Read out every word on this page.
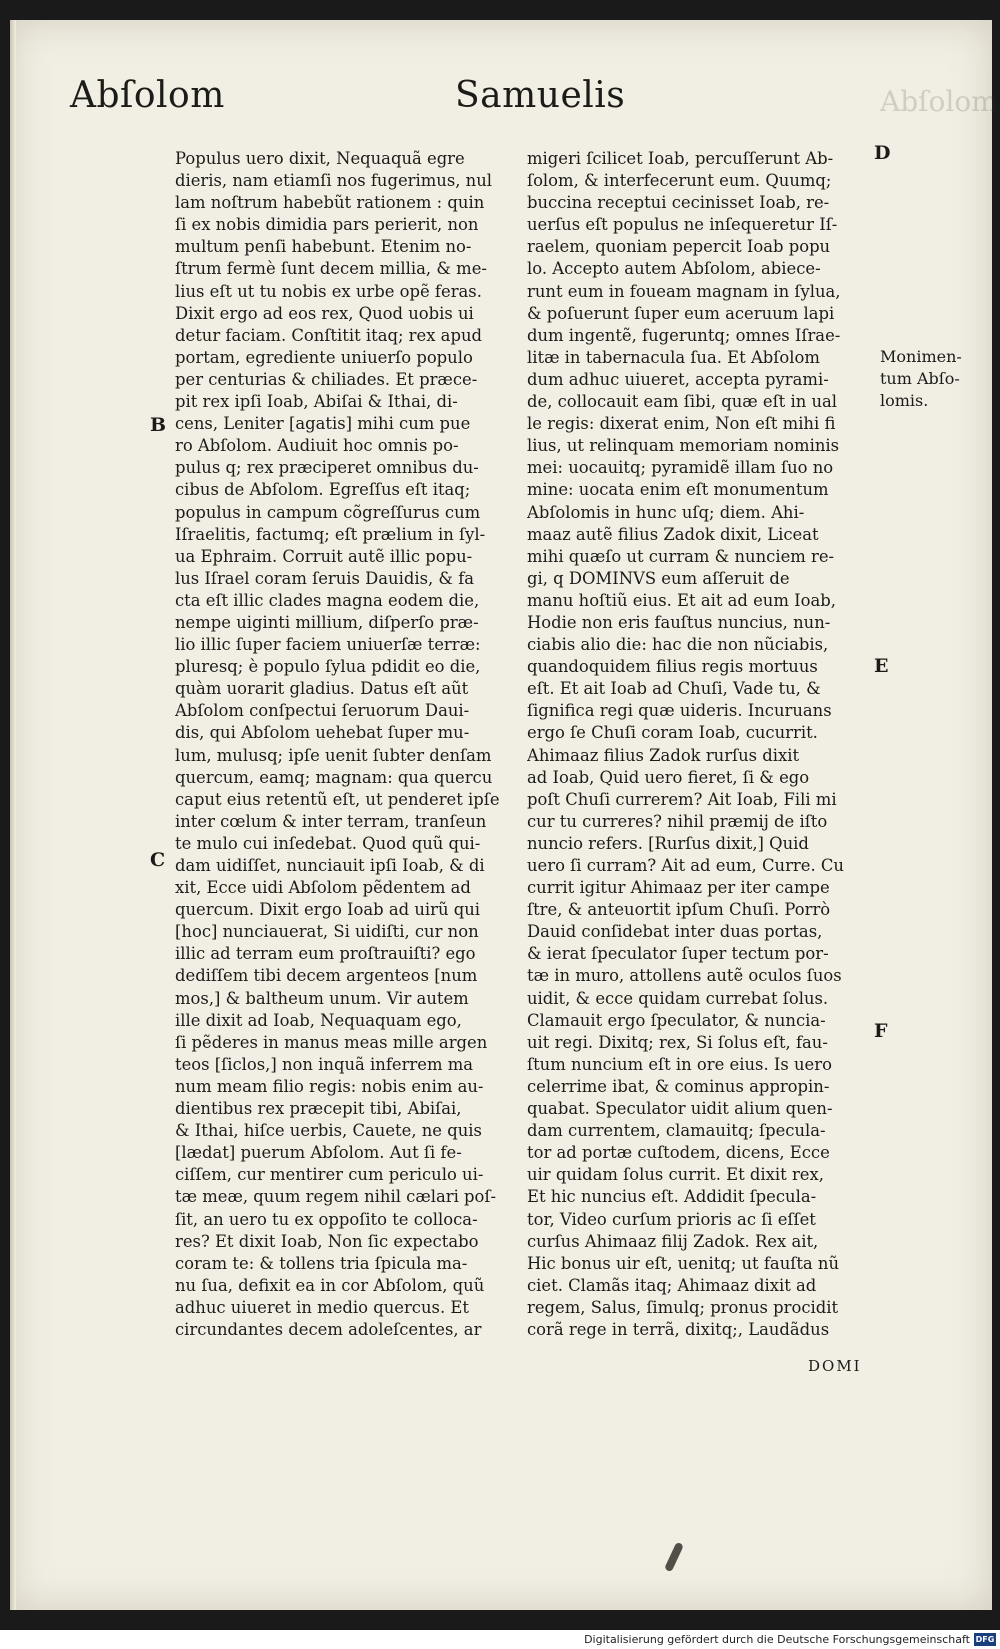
Abſolom	Samuelis	Abſolom
Populus uero dixit, Nequaquã egre
dieris, nam etiamſi nos fugerimus, nul
lam noſtrum habebũt rationem : quin
ſi ex nobis dimidia pars perierit, non
multum penſi habebunt. Etenim no-
ſtrum fermè ſunt decem millia, & me-
lius eſt ut tu nobis ex urbe opẽ feras.
Dixit ergo ad eos rex, Quod uobis ui
detur faciam. Conſtitit itaq; rex apud
portam, egrediente uniuerſo populo
per centurias & chiliades. Et præce-
pit rex ipſi Ioab, Abiſai & Ithai, di-
cens, Leniter [agatis] mihi cum pue
ro Abſolom. Audiuit hoc omnis po-
pulus q; rex præciperet omnibus du-
cibus de Abſolom. Egreſſus eſt itaq;
populus in campum cõgreſſurus cum
Iſraelitis, factumq; eſt prælium in ſyl-
ua Ephraim. Corruit autẽ illic popu-
lus Iſrael coram ſeruis Dauidis, & fa
cta eſt illic clades magna eodem die,
nempe uiginti millium, diſperſo præ-
lio illic ſuper faciem uniuerſæ terræ:
pluresq; è populo ſylua pdidit eo die,
quàm uorarit gladius. Datus eſt aũt
Abſolom conſpectui ſeruorum Daui-
dis, qui Abſolom uehebat ſuper mu-
lum, mulusq; ipſe uenit ſubter denſam
quercum, eamq; magnam: qua quercu
caput eius retentũ eſt, ut penderet ipſe
inter cœlum & inter terram, tranſeun
te mulo cui inſedebat. Quod quũ qui-
dam uidiſſet, nunciauit ipſi Ioab, & di
xit, Ecce uidi Abſolom pẽdentem ad
quercum. Dixit ergo Ioab ad uirũ qui
[hoc] nunciauerat, Si uidiſti, cur non
illic ad terram eum proſtrauiſti? ego
dediſſem tibi decem argenteos [num
mos,] & baltheum unum. Vir autem
ille dixit ad Ioab, Nequaquam ego,
ſi pẽderes in manus meas mille argen
teos [ſiclos,] non inquã inferrem ma
num meam filio regis: nobis enim au-
dientibus rex præcepit tibi, Abiſai,
& Ithai, hiſce uerbis, Cauete, ne quis
[lædat] puerum Abſolom. Aut ſi fe-
ciſſem, cur mentirer cum periculo ui-
tæ meæ, quum regem nihil cælari poſ-
ſit, an uero tu ex oppoſito te colloca-
res? Et dixit Ioab, Non ſic expectabo
coram te: & tollens tria ſpicula ma-
nu ſua, defixit ea in cor Abſolom, quũ
adhuc uiueret in medio quercus. Et
circundantes decem adoleſcentes, ar
migeri ſcilicet Ioab, percuſſerunt Ab-
ſolom, & interfecerunt eum. Quumq;
buccina receptui cecinisset Ioab, re-
uerſus eſt populus ne inſequeretur Iſ-
raelem, quoniam pepercit Ioab popu
lo. Accepto autem Abſolom, abiece-
runt eum in foueam magnam in ſylua,
& poſuerunt ſuper eum aceruum lapi
dum ingentẽ, fugeruntq; omnes Iſrae-
litæ in tabernacula ſua. Et Abſolom
dum adhuc uiueret, accepta pyrami-
de, collocauit eam ſibi, quæ eſt in ual
le regis: dixerat enim, Non eſt mihi fi
lius, ut relinquam memoriam nominis
mei: uocauitq; pyramidẽ illam ſuo no
mine: uocata enim eſt monumentum
Abſolomis in hunc uſq; diem. Ahi-
maaz autẽ filius Zadok dixit, Liceat
mihi quæſo ut curram & nunciem re-
gi, q DOMINVS eum aſſeruit de
manu hoſtiũ eius. Et ait ad eum Ioab,
Hodie non eris fauſtus nuncius, nun-
ciabis alio die: hac die non nũciabis,
quandoquidem filius regis mortuus
eſt. Et ait Ioab ad Chuſi, Vade tu, &
ſignifica regi quæ uideris. Incuruans
ergo ſe Chuſi coram Ioab, cucurrit.
Ahimaaz filius Zadok rurſus dixit
ad Ioab, Quid uero fieret, ſi & ego
poſt Chuſi currerem? Ait Ioab, Fili mi
cur tu curreres? nihil præmij de iſto
nuncio refers. [Rurſus dixit,] Quid
uero ſi curram? Ait ad eum, Curre. Cu
currit igitur Ahimaaz per iter campe
ſtre, & anteuortit ipſum Chuſi. Porrò
Dauid conſidebat inter duas portas,
& ierat ſpeculator ſuper tectum por-
tæ in muro, attollens autẽ oculos ſuos
uidit, & ecce quidam currebat ſolus.
Clamauit ergo ſpeculator, & nuncia-
uit regi. Dixitq; rex, Si ſolus eſt, fau-
ſtum nuncium eſt in ore eius. Is uero
celerrime ibat, & cominus appropin-
quabat. Speculator uidit alium quen-
dam currentem, clamauitq; ſpecula-
tor ad portæ cuſtodem, dicens, Ecce
uir quidam ſolus currit. Et dixit rex,
Et hic nuncius eſt. Addidit ſpecula-
tor, Video curſum prioris ac ſi eſſet
curſus Ahimaaz filij Zadok. Rex ait,
Hic bonus uir eſt, uenitq; ut fauſta nũ
ciet. Clamãs itaq; Ahimaaz dixit ad
regem, Salus, ſimulq; pronus procidit
corã rege in terrã, dixitq;, Laudãdus
B
C
D
E
F
Monimen-
tum Abſo-
lomis.
DOMI
Digitalisierung gefördert durch die Deutsche Forschungsgemeinschaft DFG
